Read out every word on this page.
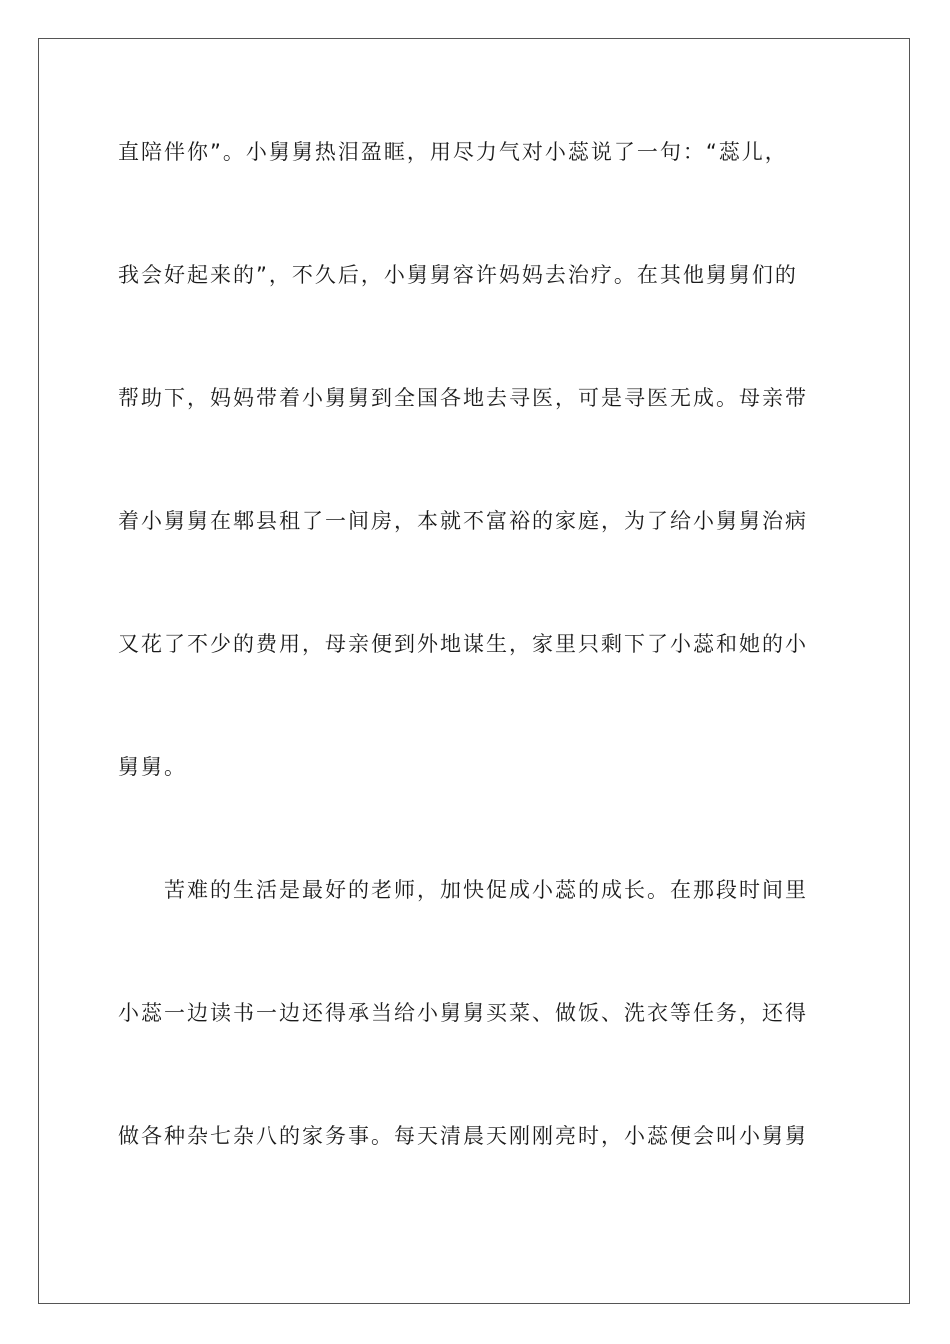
直陪伴你”。小舅舅热泪盈眶，用尽力气对小蕊说了一句：“蕊儿，
我会好起来的”，不久后，小舅舅容许妈妈去治疗。在其他舅舅们的
帮助下，妈妈带着小舅舅到全国各地去寻医，可是寻医无成。母亲带
着小舅舅在郫县租了一间房，本就不富裕的家庭，为了给小舅舅治病
又花了不少的费用，母亲便到外地谋生，家里只剩下了小蕊和她的小
舅舅。
苦难的生活是最好的老师，加快促成小蕊的成长。在那段时间里
小蕊一边读书一边还得承当给小舅舅买菜、做饭、洗衣等任务，还得
做各种杂七杂八的家务事。每天清晨天刚刚亮时，小蕊便会叫小舅舅
